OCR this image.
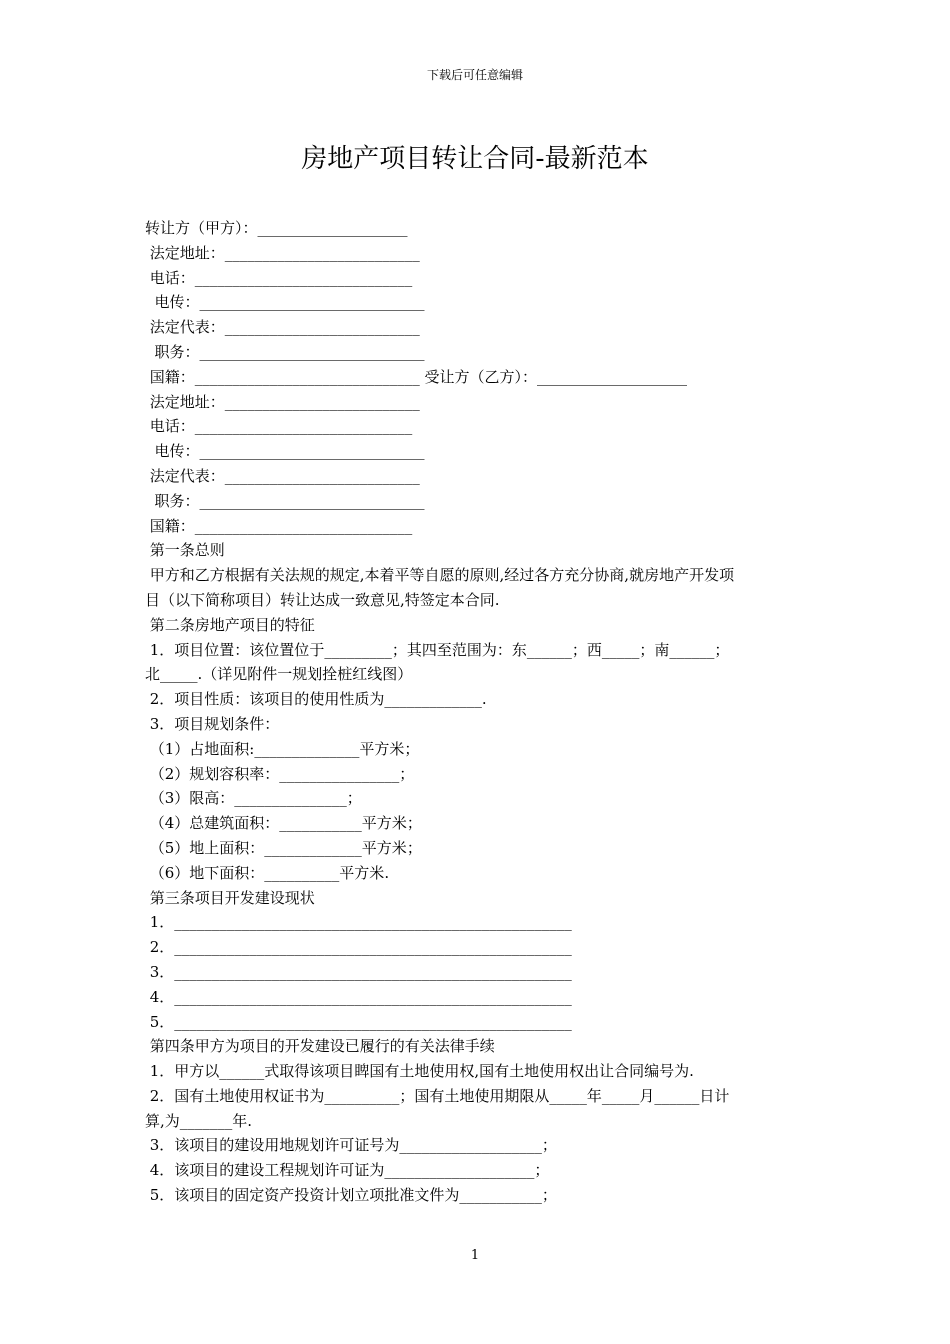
下载后可任意编辑
房地产项目转让合同-最新范本
转让方（甲方）：____________________
法定地址：__________________________
电话：_____________________________
电传：______________________________
法定代表：__________________________
职务：______________________________
国籍：______________________________ 受让方（乙方）：____________________
法定地址：__________________________
电话：_____________________________
电传：______________________________
法定代表：__________________________
职务：______________________________
国籍：_____________________________
第一条总则
甲方和乙方根据有关法规的规定,本着平等自愿的原则,经过各方充分协商,就房地产开发项
目（以下简称项目）转让达成一致意见,特签定本合同.
第二条房地产项目的特征
1．项目位置：该位置位于_________；其四至范围为：东______；西_____；南______；
北_____.（详见附件一规划拴桩红线图）
2．项目性质：该项目的使用性质为_____________.
3．项目规划条件：
（1）占地面积:______________平方米；
（2）规划容积率：________________；
（3）限高：_______________；
（4）总建筑面积：___________平方米；
（5）地上面积：_____________平方米；
（6）地下面积：__________平方米.
第三条项目开发建设现状
1．_____________________________________________________
2．_____________________________________________________
3．_____________________________________________________
4．_____________________________________________________
5．_____________________________________________________
第四条甲方为项目的开发建设已履行的有关法律手续
1．甲方以______式取得该项目睥国有土地使用权,国有土地使用权出让合同编号为.
2．国有土地使用权证书为__________；国有土地使用期限从_____年_____月______日计
算,为_______年.
3．该项目的建设用地规划许可证号为___________________；
4．该项目的建设工程规划许可证为____________________；
5．该项目的固定资产投资计划立项批准文件为___________；
1
